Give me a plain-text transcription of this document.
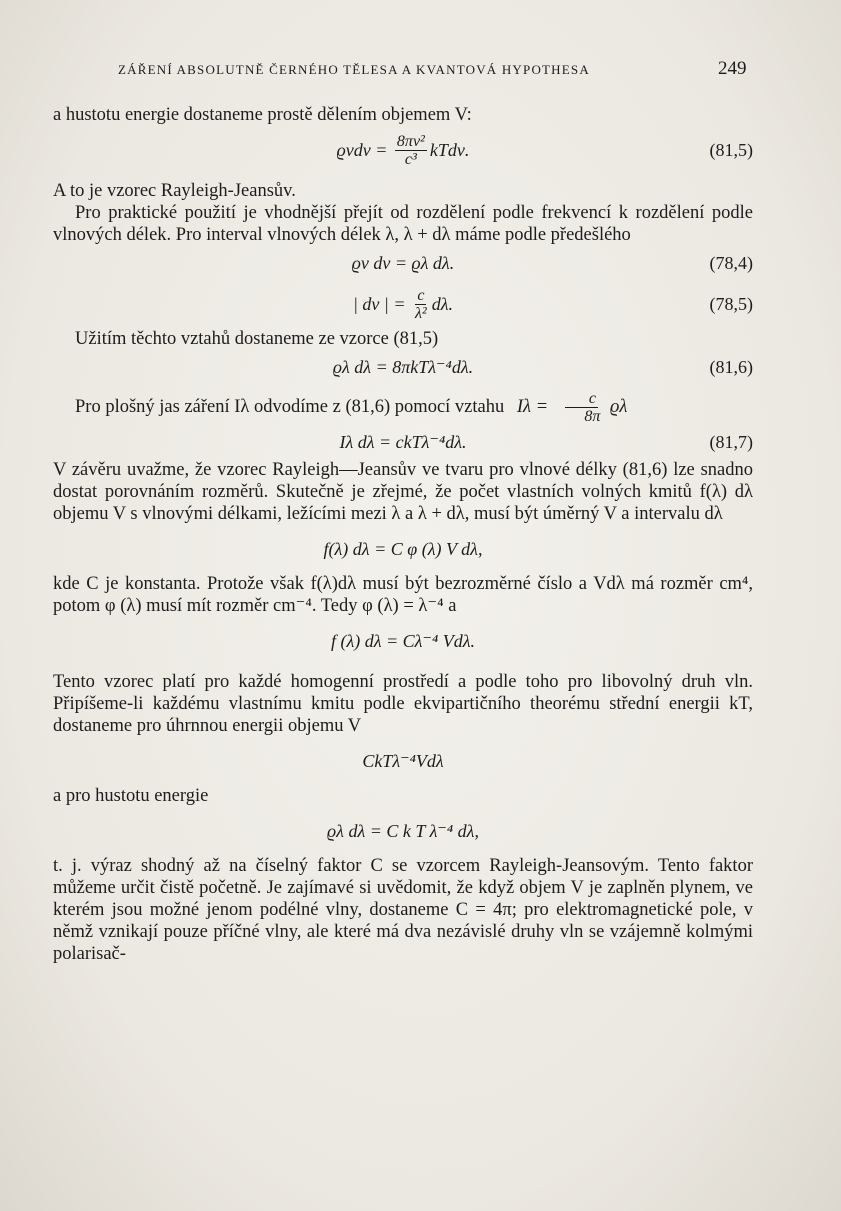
ZÁŘENÍ ABSOLUTNĚ ČERNÉHO TĚLESA A KVANTOVÁ HYPOTHESA	249

a hustotu energie dostaneme prostě dělením objemem V:

$ϱ\nu d\nu = \frac{\text{8πν²}}{\text{c³}} kTd\nu$.	(81,5)

A to je vzorec Rayleigh-Jeansův.

Pro praktické použití je vhodnější přejít od rozdělení podle frekvencí k rozdělení podle vlnových délek. Pro interval vlnových délek λ, λ + dλ máme podle předešlého

ϱν dν = ϱλ dλ.	(78,4)
| dν | = $\frac{c}{\text{λ²}} d\lambda$.	(78,5)

Užitím těchto vztahů dostaneme ze vzorce (81,5)

ϱλ dλ = 8πkTλ⁻⁴dλ.	(81,6)

Pro plošný jas záření Iλ odvodíme z (81,6) pomocí vztahu $I\lambda = \frac{c}{8\pi}$ ϱλ

Iλ dλ = ckTλ⁻⁴dλ.	(81,7)

V závěru uvažme, že vzorec Rayleigh—Jeansův ve tvaru pro vlnové délky (81,6) lze snadno dostat porovnáním rozměrů. Skutečně je zřejmé, že počet vlastních volných kmitů f(λ) dλ objemu V s vlnovými délkami, ležícími mezi λ a λ + dλ, musí být úměrný V a intervalu dλ

f(λ) dλ = C φ (λ) V dλ,

kde C je konstanta. Protože však f(λ)dλ musí být bezrozměrné číslo a Vdλ má rozměr cm⁴, potom φ (λ) musí mít rozměr cm⁻⁴. Tedy φ (λ) = λ⁻⁴ a

f (λ) dλ = Cλ⁻⁴ Vdλ.

Tento vzorec platí pro každé homogenní prostředí a podle toho pro libovolný druh vln. Připíšeme-li každému vlastnímu kmitu podle ekvipartičního theorému střední energii kT, dostaneme pro úhrnnou energii objemu V

CkTλ⁻⁴Vdλ

a pro hustotu energie

ϱλ dλ = C k T λ⁻⁴ dλ,

t. j. výraz shodný až na číselný faktor C se vzorcem Rayleigh-Jeansovým. Tento faktor můžeme určit čistě početně. Je zajímavé si uvědomit, že když objem V je zaplněn plynem, ve kterém jsou možné jenom podélné vlny, dostaneme C = 4π; pro elektromagnetické pole, v němž vznikají pouze příčné vlny, ale které má dva nezávislé druhy vln se vzájemně kolmými polarisač-
